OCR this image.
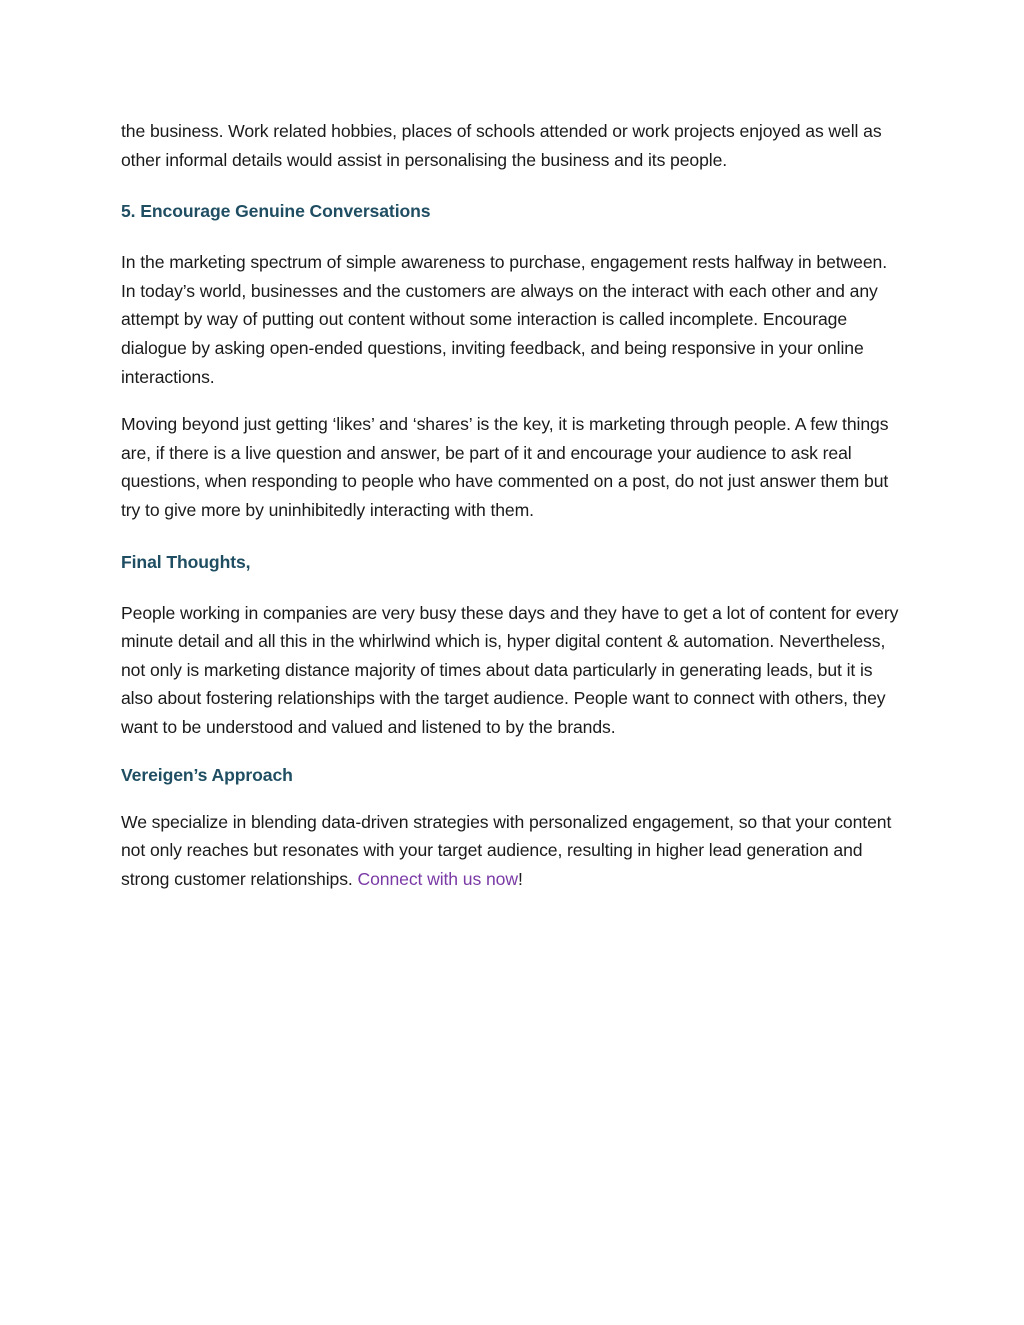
the business. Work related hobbies, places of schools attended or work projects enjoyed as well as other informal details would assist in personalising the business and its people.

5. Encourage Genuine Conversations

In the marketing spectrum of simple awareness to purchase, engagement rests halfway in between. In today’s world, businesses and the customers are always on the interact with each other and any attempt by way of putting out content without some interaction is called incomplete. Encourage dialogue by asking open-ended questions, inviting feedback, and being responsive in your online interactions.

Moving beyond just getting ‘likes’ and ‘shares’ is the key, it is marketing through people. A few things are, if there is a live question and answer, be part of it and encourage your audience to ask real questions, when responding to people who have commented on a post, do not just answer them but try to give more by uninhibitedly interacting with them.

Final Thoughts,

People working in companies are very busy these days and they have to get a lot of content for every minute detail and all this in the whirlwind which is, hyper digital content & automation. Nevertheless, not only is marketing distance majority of times about data particularly in generating leads, but it is also about fostering relationships with the target audience. People want to connect with others, they want to be understood and valued and listened to by the brands.

Vereigen’s Approach

We specialize in blending data-driven strategies with personalized engagement, so that your content not only reaches but resonates with your target audience, resulting in higher lead generation and strong customer relationships. Connect with us now!
